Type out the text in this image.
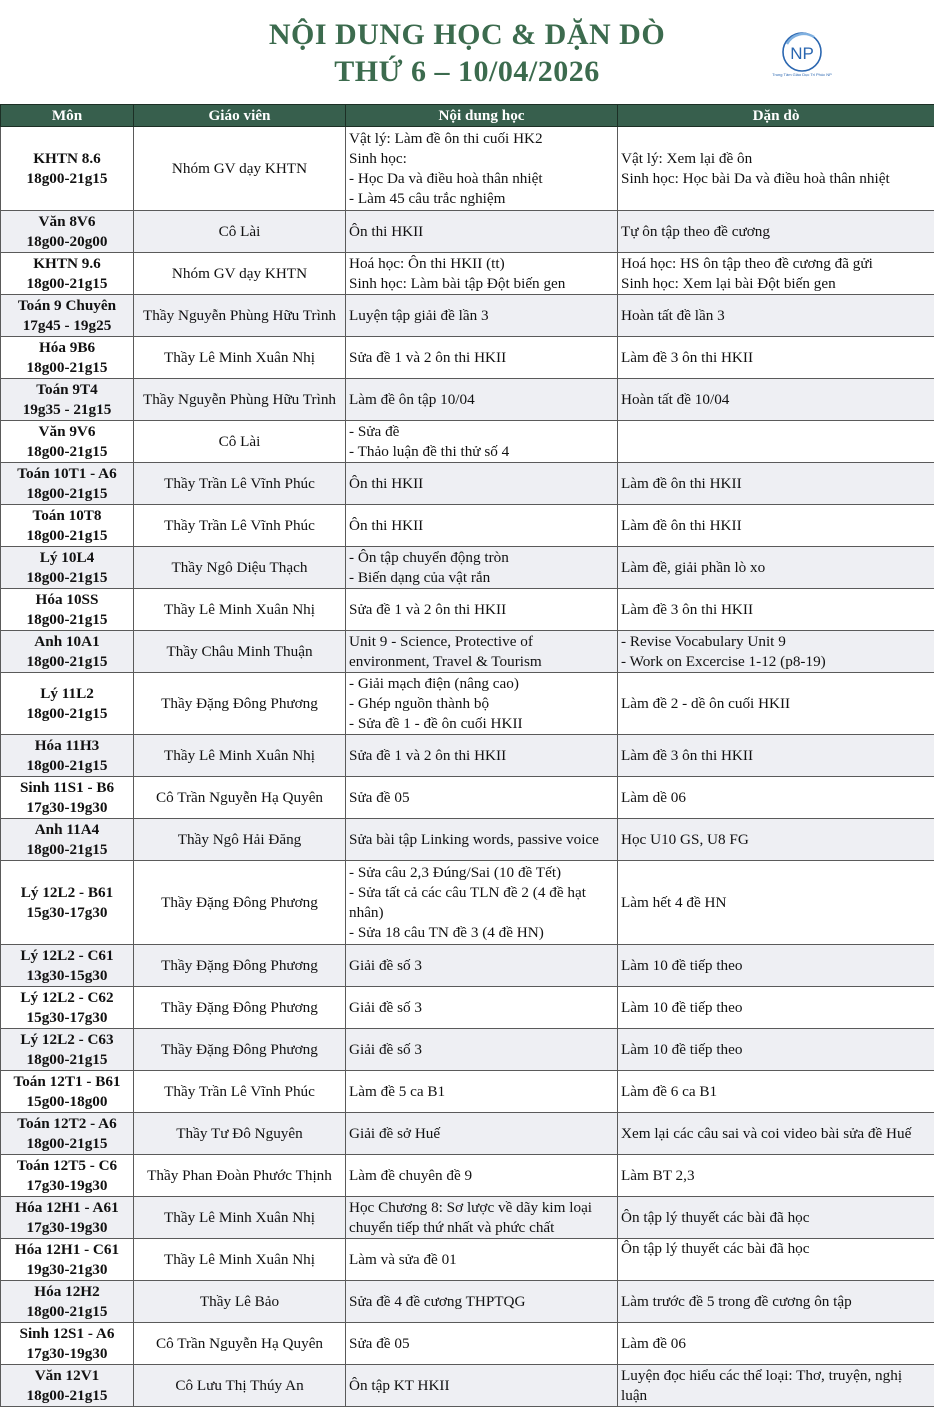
NỘI DUNG HỌC & DẶN DÒ
THỨ 6 – 10/04/2026
NP
Trung Tâm Giáo Dục Tri Phúc NP
Môn	Giáo viên	Nội dung học	Dặn dò

KHTN 8.6
18g00-21g15	Nhóm GV dạy KHTN	Vật lý: Làm đề ôn thi cuối HK2
Sinh học:
- Học Da và điều hoà thân nhiệt
- Làm 45 câu trắc nghiệm	Vật lý: Xem lại đề ôn
Sinh học: Học bài Da và điều hoà thân nhiệt

Văn 8V6
18g00-20g00	Cô Lài	Ôn thi HKII	Tự ôn tập theo đề cương

KHTN 9.6
18g00-21g15	Nhóm GV dạy KHTN	Hoá học: Ôn thi HKII (tt)
Sinh học: Làm bài tập Đột biến gen	Hoá học: HS ôn tập theo đề cương đã gửi
Sinh học: Xem lại bài Đột biến gen

Toán 9 Chuyên
17g45 - 19g25	Thầy Nguyễn Phùng Hữu Trình	Luyện tập giải đề lần 3	Hoàn tất đề lần 3

Hóa 9B6
18g00-21g15	Thầy Lê Minh Xuân Nhị	Sửa đề 1 và 2 ôn thi HKII	Làm đề 3 ôn thi HKII

Toán 9T4
19g35 - 21g15	Thầy Nguyễn Phùng Hữu Trình	Làm đề ôn tập 10/04	Hoàn tất đề 10/04

Văn 9V6
18g00-21g15	Cô Lài	- Sửa đề
- Thảo luận đề thi thử số 4	

Toán 10T1 - A6
18g00-21g15	Thầy Trần Lê Vĩnh Phúc	Ôn thi HKII	Làm đề ôn thi HKII

Toán 10T8
18g00-21g15	Thầy Trần Lê Vĩnh Phúc	Ôn thi HKII	Làm đề ôn thi HKII

Lý 10L4
18g00-21g15	Thầy Ngô Diệu Thạch	- Ôn tập chuyển động tròn
- Biến dạng của vật rắn	Làm đề, giải phần lò xo

Hóa 10SS
18g00-21g15	Thầy Lê Minh Xuân Nhị	Sửa đề 1 và 2 ôn thi HKII	Làm đề 3 ôn thi HKII

Anh 10A1
18g00-21g15	Thầy Châu Minh Thuận	Unit 9 - Science, Protective of
environment, Travel & Tourism	- Revise Vocabulary Unit 9
- Work on Excercise 1-12 (p8-19)

Lý 11L2
18g00-21g15	Thầy Đặng Đông Phương	- Giải mạch điện (nâng cao)
- Ghép nguồn thành bộ
- Sửa đề 1 - đề ôn cuối HKII	Làm đề 2 - dề ôn cuối HKII

Hóa 11H3
18g00-21g15	Thầy Lê Minh Xuân Nhị	Sửa đề 1 và 2 ôn thi HKII	Làm đề 3 ôn thi HKII

Sinh 11S1 - B6
17g30-19g30	Cô Trần Nguyễn Hạ Quyên	Sửa đề 05	Làm dề 06

Anh 11A4
18g00-21g15	Thầy Ngô Hải Đăng	Sửa bài tập Linking words, passive voice	Học U10 GS, U8 FG

Lý 12L2 - B61
15g30-17g30	Thầy Đặng Đông Phương	- Sửa câu 2,3 Đúng/Sai (10 đề Tết)
- Sửa tất cả các câu TLN đề 2 (4 đề hạt
nhân)
- Sửa 18 câu TN đề 3 (4 đề HN)	Làm hết 4 đề HN

Lý 12L2 - C61
13g30-15g30	Thầy Đặng Đông Phương	Giải đề số 3	Làm 10 đề tiếp theo

Lý 12L2 - C62
15g30-17g30	Thầy Đặng Đông Phương	Giải đề số 3	Làm 10 đề tiếp theo

Lý 12L2 - C63
18g00-21g15	Thầy Đặng Đông Phương	Giải đề số 3	Làm 10 đề tiếp theo

Toán 12T1 - B61
15g00-18g00	Thầy Trần Lê Vĩnh Phúc	Làm đề 5 ca B1	Làm đề 6 ca B1

Toán 12T2 - A6
18g00-21g15	Thầy Tư Đô Nguyên	Giải đề sở Huế	Xem lại các câu sai và coi video bài sửa đề Huế

Toán 12T5 - C6
17g30-19g30	Thầy Phan Đoàn Phước Thịnh	Làm đề chuyên đề 9	Làm BT 2,3

Hóa 12H1 - A61
17g30-19g30	Thầy Lê Minh Xuân Nhị	Học Chương 8: Sơ lược về dãy kim loại
chuyển tiếp thứ nhất và phức chất	Ôn tập lý thuyết các bài đã học

Hóa 12H1 - C61
19g30-21g30	Thầy Lê Minh Xuân Nhị	Làm và sửa đề 01	Ôn tập lý thuyết các bài đã học

Hóa 12H2
18g00-21g15	Thầy Lê Bảo	Sửa đề 4 đề cương THPTQG	Làm trước đề 5 trong đề cương ôn tập

Sinh 12S1 - A6
17g30-19g30	Cô Trần Nguyễn Hạ Quyên	Sửa đề 05	Làm đề 06

Văn 12V1
18g00-21g15	Cô Lưu Thị Thúy An	Ôn tập KT HKII	Luyện đọc hiểu các thể loại: Thơ, truyện, nghị
luận
